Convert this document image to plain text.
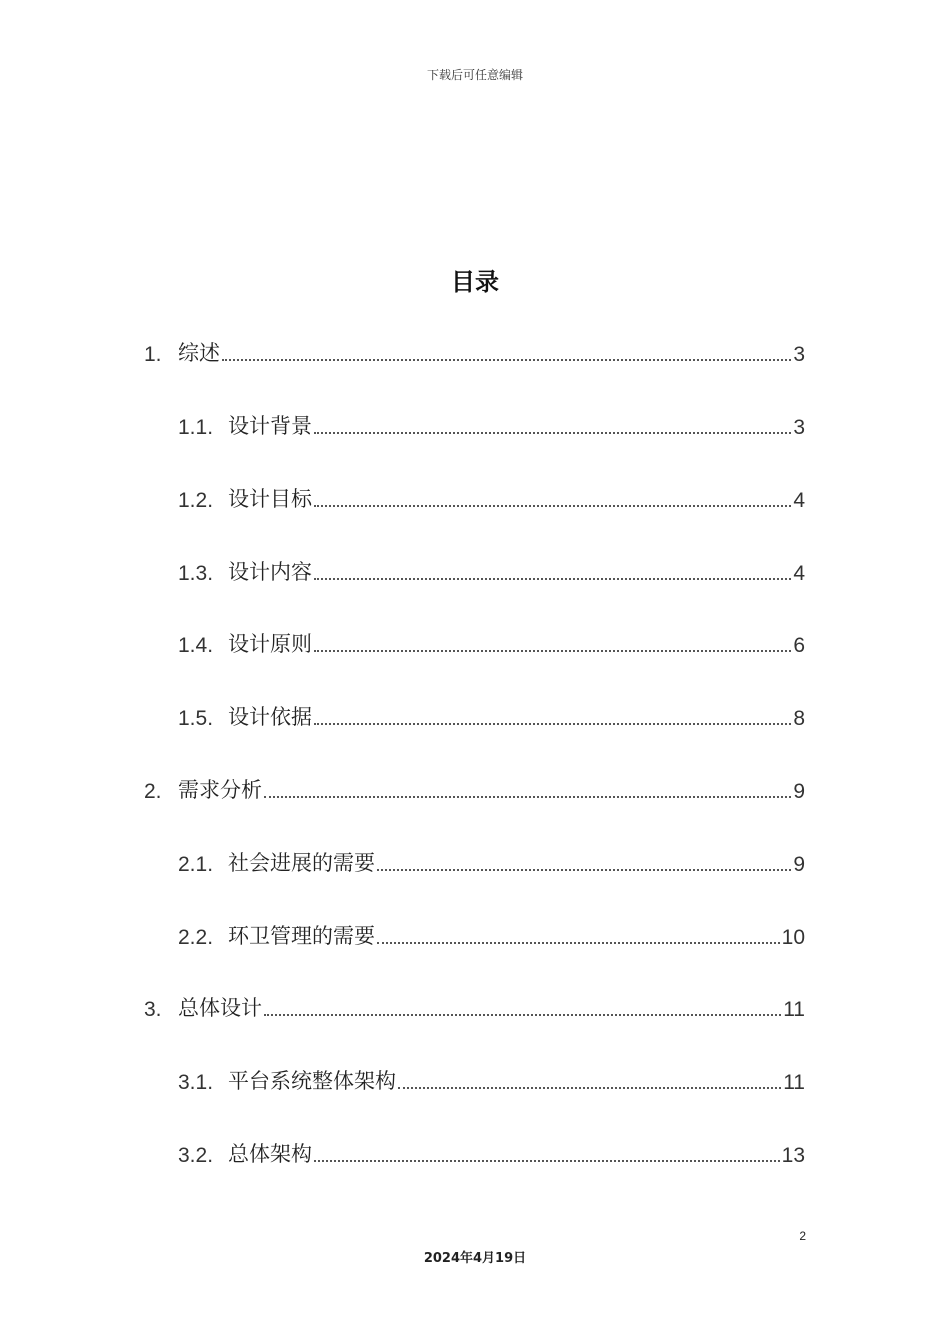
下载后可任意编辑
目录
1. 综述	3
1.1. 设计背景	3
1.2. 设计目标	4
1.3. 设计内容	4
1.4. 设计原则	6
1.5. 设计依据	8
2. 需求分析	9
2.1. 社会进展的需要	9
2.2. 环卫管理的需要	10
3. 总体设计	11
3.1. 平台系统整体架构	11
3.2. 总体架构	13
2
2024年4月19日
